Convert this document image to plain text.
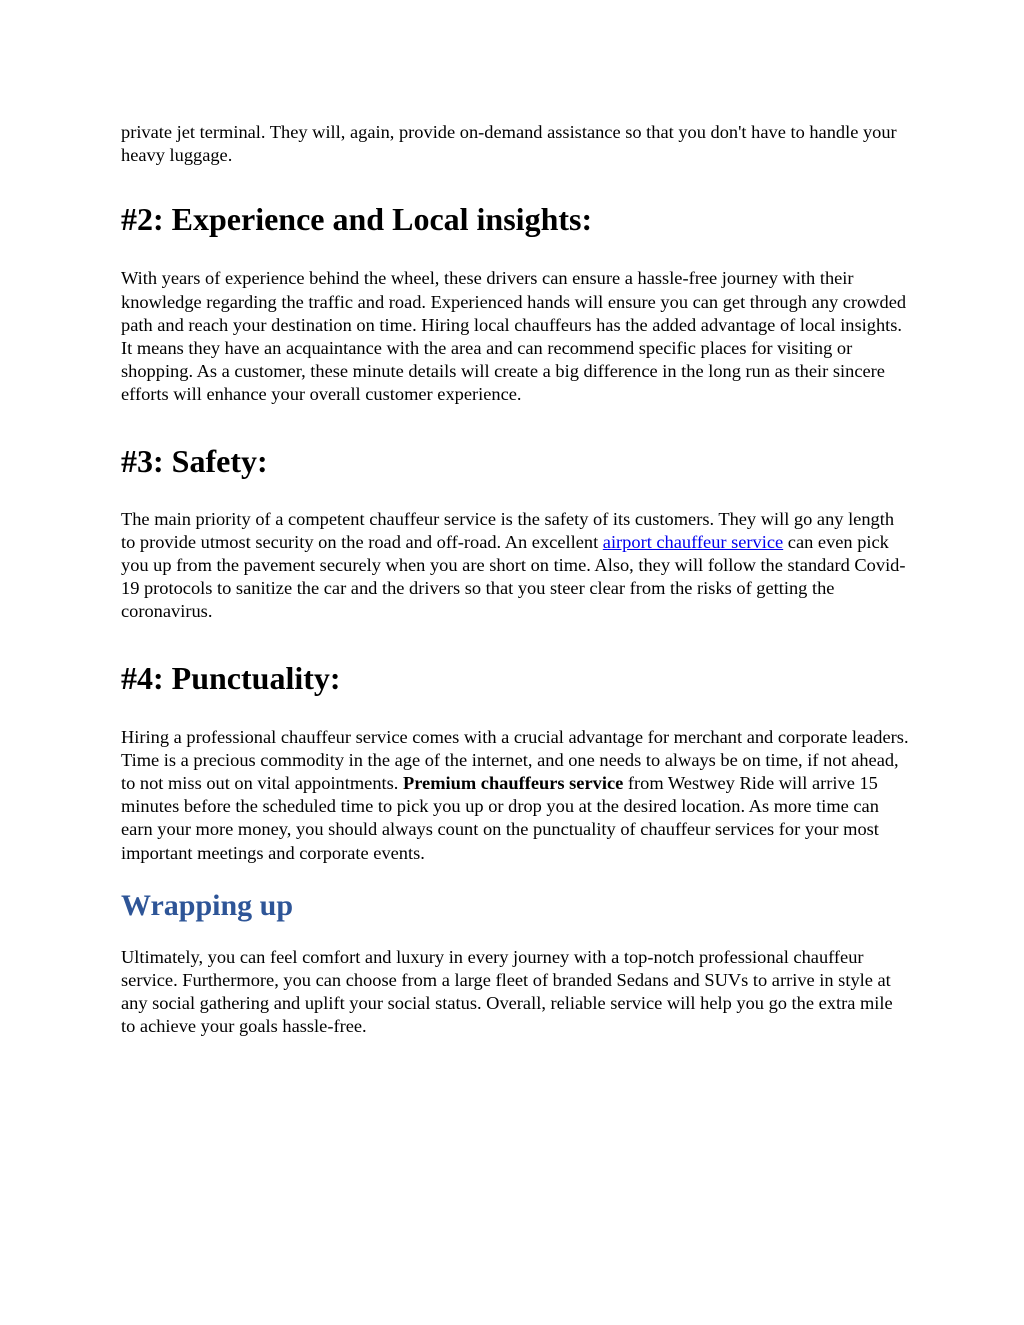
private jet terminal. They will, again, provide on-demand assistance so that you don't have to handle your heavy luggage.

#2: Experience and Local insights:

With years of experience behind the wheel, these drivers can ensure a hassle-free journey with their knowledge regarding the traffic and road. Experienced hands will ensure you can get through any crowded path and reach your destination on time. Hiring local chauffeurs has the added advantage of local insights. It means they have an acquaintance with the area and can recommend specific places for visiting or shopping. As a customer, these minute details will create a big difference in the long run as their sincere efforts will enhance your overall customer experience.

#3: Safety:

The main priority of a competent chauffeur service is the safety of its customers. They will go any length to provide utmost security on the road and off-road. An excellent airport chauffeur service can even pick you up from the pavement securely when you are short on time. Also, they will follow the standard Covid-19 protocols to sanitize the car and the drivers so that you steer clear from the risks of getting the coronavirus.

#4: Punctuality:

Hiring a professional chauffeur service comes with a crucial advantage for merchant and corporate leaders. Time is a precious commodity in the age of the internet, and one needs to always be on time, if not ahead, to not miss out on vital appointments. Premium chauffeurs service from Westwey Ride will arrive 15 minutes before the scheduled time to pick you up or drop you at the desired location. As more time can earn your more money, you should always count on the punctuality of chauffeur services for your most important meetings and corporate events.

Wrapping up

Ultimately, you can feel comfort and luxury in every journey with a top-notch professional chauffeur service. Furthermore, you can choose from a large fleet of branded Sedans and SUVs to arrive in style at any social gathering and uplift your social status. Overall, reliable service will help you go the extra mile to achieve your goals hassle-free.
